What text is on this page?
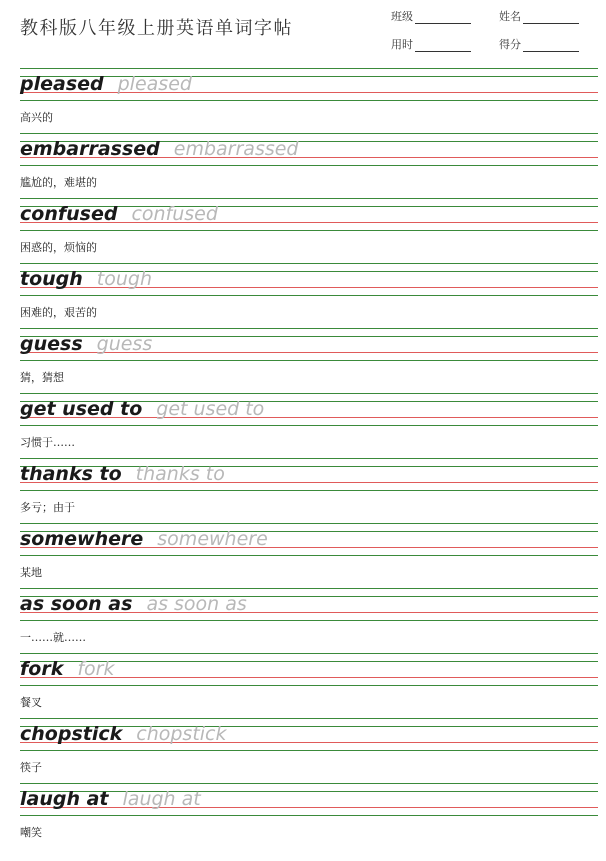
教科版八年级上册英语单词字帖
班级	姓名
用时	得分
pleased pleased
高兴的
embarrassed embarrassed
尴尬的，难堪的
confused confused
困惑的，烦恼的
tough tough
困难的，艰苦的
guess guess
猜，猜想
get used to get used to
习惯于……
thanks to thanks to
多亏；由于
somewhere somewhere
某地
as soon as as soon as
一……就……
fork fork
餐叉
chopstick chopstick
筷子
laugh at laugh at
嘲笑
